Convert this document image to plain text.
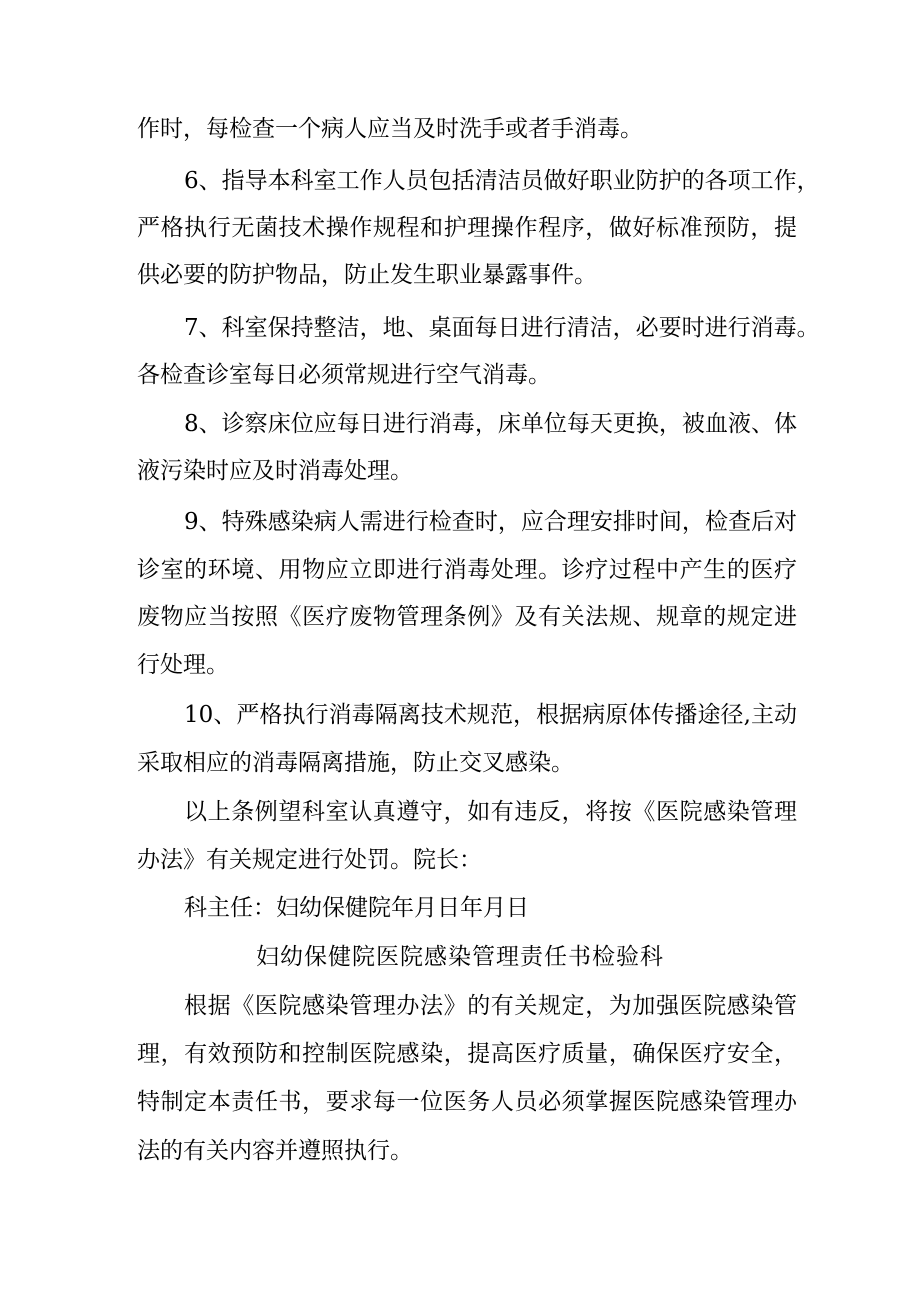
作时，每检查一个病人应当及时洗手或者手消毒。
6、指导本科室工作人员包括清洁员做好职业防护的各项工作，
严格执行无菌技术操作规程和护理操作程序，做好标准预防，提
供必要的防护物品，防止发生职业暴露事件。
7、科室保持整洁，地、桌面每日进行清洁，必要时进行消毒。
各检查诊室每日必须常规进行空气消毒。
8、诊察床位应每日进行消毒，床单位每天更换，被血液、体
液污染时应及时消毒处理。
9、特殊感染病人需进行检查时，应合理安排时间，检查后对
诊室的环境、用物应立即进行消毒处理。诊疗过程中产生的医疗
废物应当按照《医疗废物管理条例》及有关法规、规章的规定进
行处理。
10、严格执行消毒隔离技术规范，根据病原体传播途径,主动
采取相应的消毒隔离措施，防止交叉感染。
以上条例望科室认真遵守，如有违反，将按《医院感染管理
办法》有关规定进行处罚。院长：
科主任：妇幼保健院年月日年月日
妇幼保健院医院感染管理责任书检验科
根据《医院感染管理办法》的有关规定，为加强医院感染管
理，有效预防和控制医院感染，提高医疗质量，确保医疗安全，
特制定本责任书，要求每一位医务人员必须掌握医院感染管理办
法的有关内容并遵照执行。
